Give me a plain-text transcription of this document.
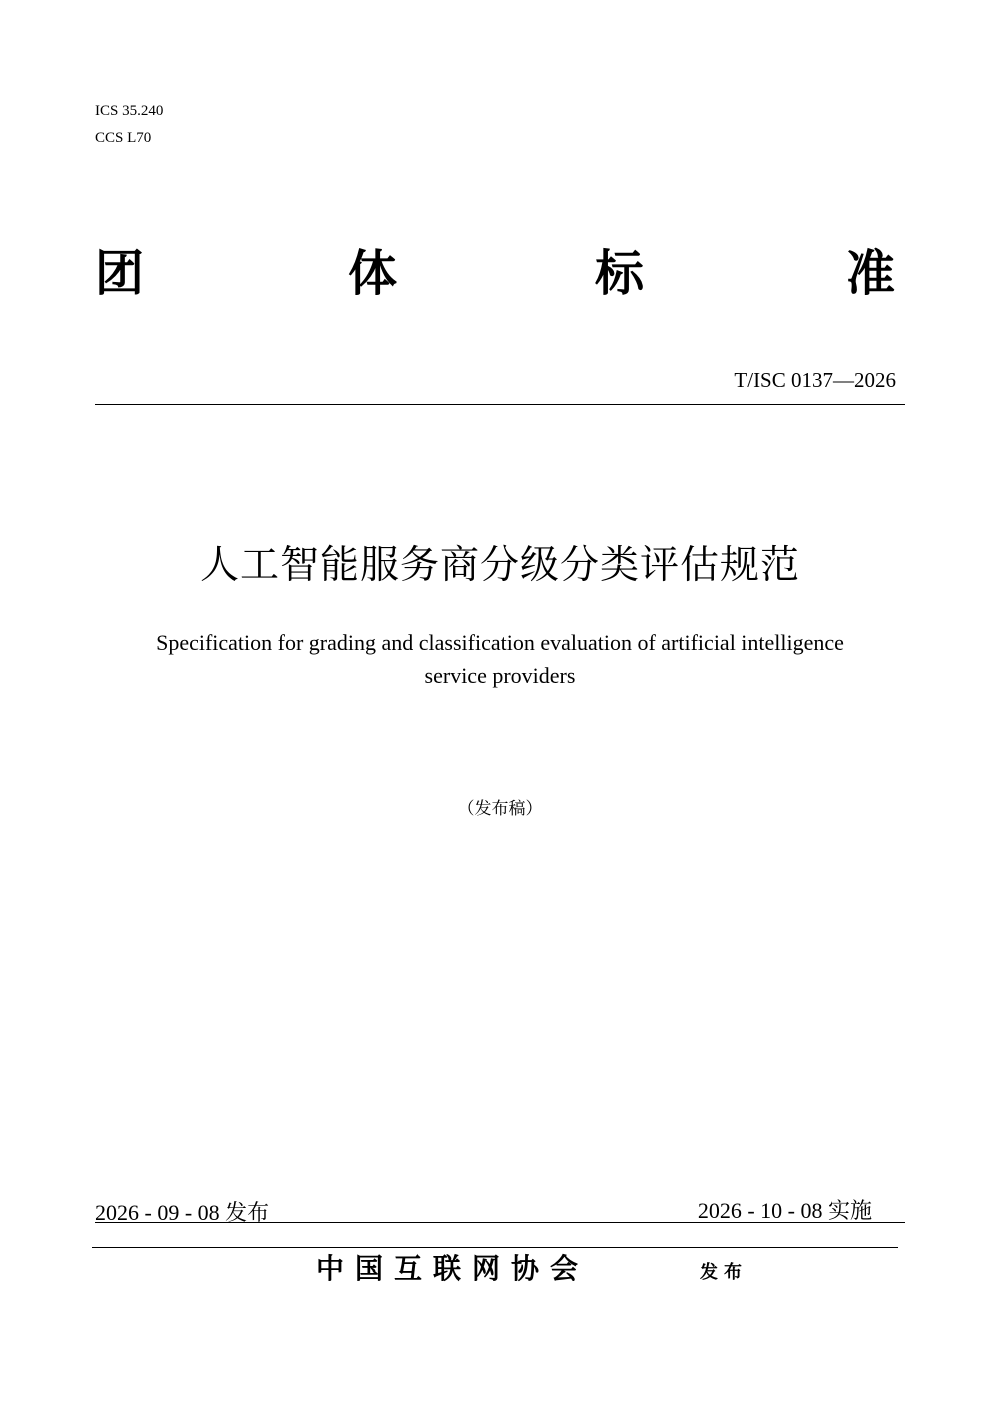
ICS 35.240
CCS L70
团	体	标	准
T/ISC 0137—2026
人工智能服务商分级分类评估规范
Specification for grading and classification evaluation of artificial intelligence
service providers
（发布稿）
2026 - 09 - 08 发布	2026 - 10 - 08 实施
中国互联网协会	发布
